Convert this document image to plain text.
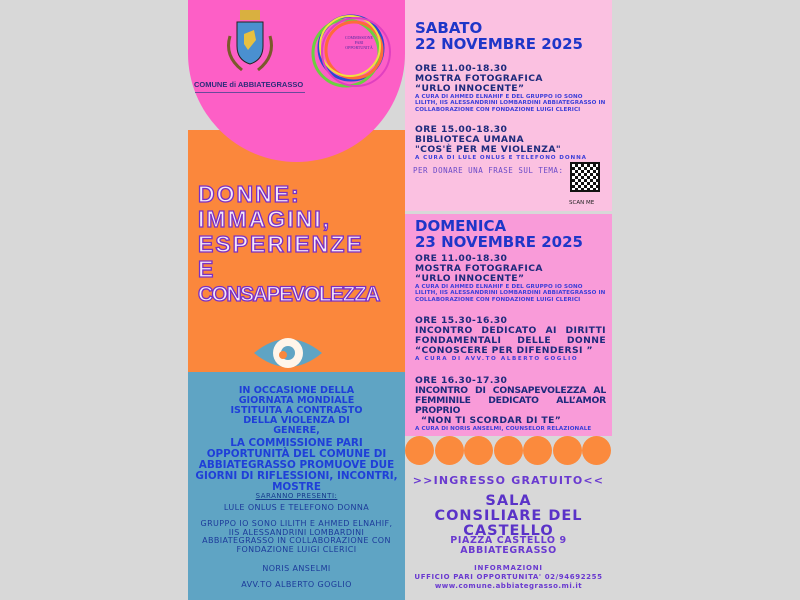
COMUNE di ABBIATEGRASSO
COMMISSIONE PARI OPPORTUNITÀ
DONNE:
IMMAGINI,
ESPERIENZE
E
CONSAPEVOLEZZA
IN OCCASIONE DELLA GIORNATA MONDIALE ISTITUITA A CONTRASTO DELLA VIOLENZA DI GENERE,
LA COMMISSIONE PARI OPPORTUNITÀ DEL COMUNE DI ABBIATEGRASSO PROMUOVE DUE GIORNI DI RIFLESSIONI, INCONTRI, MOSTRE
SARANNO PRESENTI:
LULE ONLUS E TELEFONO DONNA
GRUPPO IO SONO LILITH E AHMED ELNAHIF, IIS ALESSANDRINI LOMBARDINI ABBIATEGRASSO IN COLLABORAZIONE CON FONDAZIONE LUIGI CLERICI
NORIS ANSELMI
AVV.TO ALBERTO GOGLIO
SABATO
22 NOVEMBRE 2025
ORE 11.00-18.30
MOSTRA FOTOGRAFICA
“URLO INNOCENTE”
A CURA DI AHMED ELNAHIF E DEL GRUPPO IO SONO LILITH, IIS ALESSANDRINI LOMBARDINI ABBIATEGRASSO IN COLLABORAZIONE CON FONDAZIONE LUIGI CLERICI
ORE 15.00-18.30
BIBLIOTECA UMANA
"COS'È PER ME VIOLENZA"
A CURA DI LULE ONLUS E TELEFONO DONNA
PER DONARE UNA FRASE SUL TEMA:
SCAN ME
DOMENICA
23 NOVEMBRE 2025
ORE 11.00-18.30
MOSTRA FOTOGRAFICA
“URLO INNOCENTE”
A CURA DI AHMED ELNAHIF E DEL GRUPPO IO SONO LILITH, IIS ALESSANDRINI LOMBARDINI ABBIATEGRASSO IN COLLABORAZIONE CON FONDAZIONE LUIGI CLERICI
ORE 15.30-16.30
INCONTRO DEDICATO AI DIRITTI FONDAMENTALI DELLE DONNE
“CONOSCERE PER DIFENDERSI ”
A CURA DI AVV.TO ALBERTO GOGLIO
ORE 16.30-17.30
INCONTRO DI CONSAPEVOLEZZA AL FEMMINILE DEDICATO ALL’AMOR PROPRIO
“NON TI SCORDAR DI TE”
A CURA DI NORIS ANSELMI, COUNSELOR RELAZIONALE
>>INGRESSO GRATUITO<<
SALA CONSILIARE DEL CASTELLO
PIAZZA CASTELLO 9
ABBIATEGRASSO
INFORMAZIONI
UFFICIO PARI OPPORTUNITA' 02/94692255
www.comune.abbiategrasso.mi.it
